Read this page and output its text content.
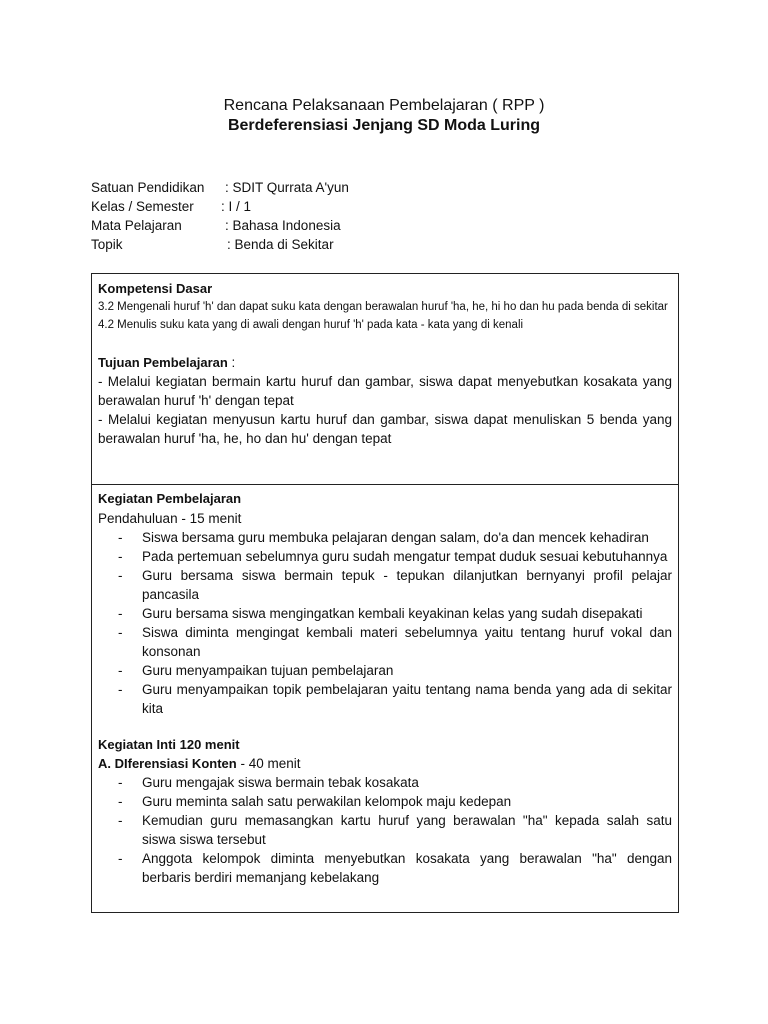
Rencana Pelaksanaan Pembelajaran ( RPP )
Berdeferensiasi Jenjang SD Moda Luring
Satuan Pendidikan : SDIT Qurrata A'yun
Kelas / Semester : I / 1
Mata Pelajaran	: Bahasa Indonesia
Topik	: Benda di Sekitar
Kompetensi Dasar
3.2 Mengenali huruf 'h' dan dapat suku kata dengan berawalan huruf 'ha, he, hi ho dan hu pada benda di sekitar
4.2 Menulis suku kata yang di awali dengan huruf 'h' pada kata - kata yang di kenali
Tujuan Pembelajaran :
- Melalui kegiatan bermain kartu huruf dan gambar, siswa dapat menyebutkan kosakata yang berawalan huruf 'h' dengan tepat
- Melalui kegiatan menyusun kartu huruf dan gambar, siswa dapat menuliskan 5 benda yang berawalan huruf 'ha, he, ho dan hu' dengan tepat
Kegiatan Pembelajaran
Pendahuluan - 15 menit
- Siswa bersama guru membuka pelajaran dengan salam, do'a dan mencek kehadiran
- Pada pertemuan sebelumnya guru sudah mengatur tempat duduk sesuai kebutuhannya
- Guru bersama siswa bermain tepuk - tepukan dilanjutkan bernyanyi profil pelajar pancasila
- Guru bersama siswa mengingatkan kembali keyakinan kelas yang sudah disepakati
- Siswa diminta mengingat kembali materi sebelumnya yaitu tentang huruf vokal dan konsonan
- Guru menyampaikan tujuan pembelajaran
- Guru menyampaikan topik pembelajaran yaitu tentang nama benda yang ada di sekitar kita
Kegiatan Inti 120 menit
A. DIferensiasi Konten - 40 menit
- Guru mengajak siswa bermain tebak kosakata
- Guru meminta salah satu perwakilan kelompok maju kedepan
- Kemudian guru memasangkan kartu huruf yang berawalan "ha" kepada salah satu siswa siswa tersebut
- Anggota kelompok diminta menyebutkan kosakata yang berawalan "ha" dengan berbaris berdiri memanjang kebelakang
